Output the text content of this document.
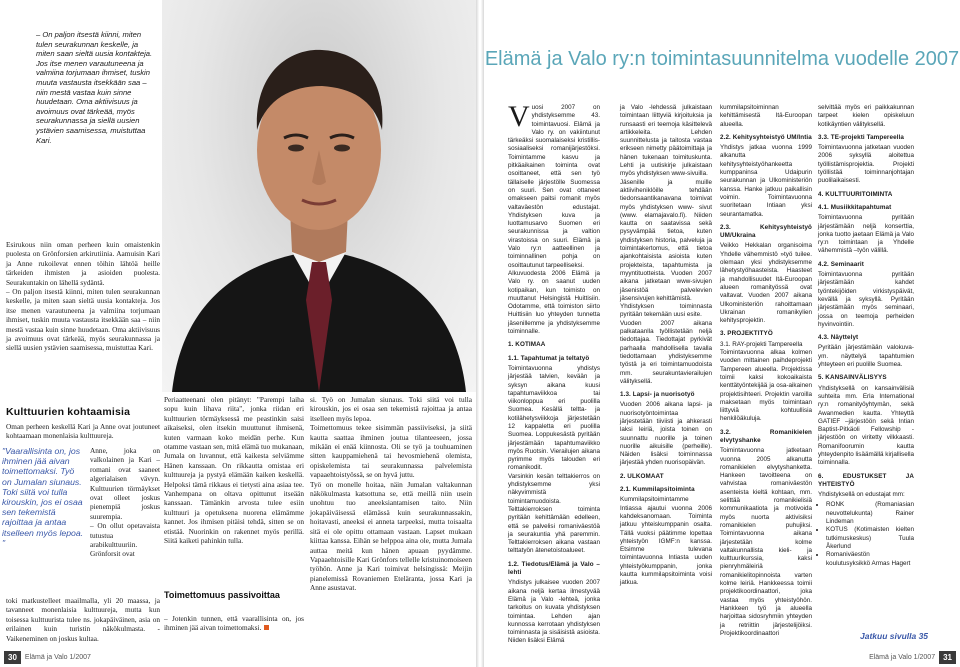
– On paljon itsestä kiinni, miten tulen seurakunnan keskelle, ja miten saan sieltä uusia kontakteja. Jos itse menen varautuneena ja valmiina torjumaan ihmiset, tuskin muuta vastausta itsekkään saa – niin mestä vastaa kuin sinne huudetaan. Oma aktiivisuus ja avoimuus ovat tärkeää, myös seurakunnassa ja siellä uusien ystävien saamisessa, muistuttaa Kari.

Esirukous niin oman perheen kuin omaistenkin puolesta on Grönforsien arkirutiinia. Aamuisin Kari ja Anne rukoilevat ennen töihin lähtöä heille tärkeiden ihmisten ja asioiden puolesta. Seurakuntakin on lähellä sydäntä.

– On paljon itsestä kiinni, miten tulen seurakunnan keskelle, ja miten saan sieltä uusia kontakteja. Jos itse menen varautuneena ja valmiina torjumaan ihmiset, tuskin muuta vastausta itsekkään saa – niin mestä vastaa kuin sinne huudetaan. Oma aktiivisuus ja avoimuus ovat tärkeää, myös seurakunnassa ja siellä uusien ystävien saamisessa, muistuttaa Kari.

Kulttuurien kohtaamisia
Oman perheen keskellä Kari ja Anne ovat joutuneet kohtaamaan monenlaisia kulttuureja.
"Vaarallisinta on, jos ihminen jää aivan toimettomaksi. Työ on Jumalan siunaus. Toki siitä voi tulla kirouskin, jos ei osaa sen tekemistä rajoittaa ja antaa itselleen myös lepoa. "
Anne, joka on valkolainen ja Kari – romani ovat saaneet algerialaisen vävyn. Kulttuurien törmäykset ovat olleet joskus pienempiä joskus suurempia.
– On ollut opetavaista tutustua arabikulttuuriin. Grönforsit ovat
toki matkustelleet maailmalla, yli 20 maassa, ja tavanneet monenlaisia kulttuureja, mutta kun toisessa kulttuurista tulee ns. jokapäiväinen, asia on erilainen kuin turistin näkökulmasta. - Vaikeneminen on joskus kultaa.
Periaatteenani olen pitänyt: "Parempi laiha sopu kuin lihava riita", jonka riidan eri kulttuurien törmäyksessä me peastinkin saisi aikaiseksi, olen itsekin muuttunut ihmisenä, kuten varmaan koko meidän perhe. Kun otamme vastaan sen, mitä elämä tuo mukanaan, Jumala on luvannut, että kaikesta selviämme Hänen kanssaan. On rikkautta omistaa eri kulttuureja ja pystyä elämään kaiken keskellä. Helpoksi tämä rikkaus ei tietysti aina asiaa tee. Vanhempana on oltava opittunut itseään kanssaan. Tämänkin arvosta tulee esiin kulttuuri ja opetuksena nuorena elämämme kannet. Jos ihmisen pitäisi tehdä, sitten se on etistää. Nuorinkin on rakennet myös perillä. Siitä kaiketi pahinkin tulla.
si. Työ on Jumalan siunaus. Toki siitä voi tulla kirouskin, jos ei osaa sen tekemistä rajoittaa ja antaa itselleen myös lepoa.
Toimettomuus tekee sisimmän passiiviseksi, ja siitä kautta saattaa ihminen joutua tilanteeseen, jossa mikään ei enää kiinnosta. Oli se työ ja touhuaminen sitten kauppamiehenä tai hevosmiehenä olemista, opiskelemista tai seurakunnassa palvelemista vapaaehtoistyössä, se on hyvä juttu.
Työ on monelle hoitaa, näin Jumalan valtakunnan näkökulmasta katsottuna se, että meillä niin usein unohtuu tuo aneeksiantamisen taito. Niin jokapäiväisessä elämässä kuin seurakunnassakin, hoitavasti, aneeksi ei anneta tarpeeksi, mutta toisaalta sitä ei ole opittu ottamaan vastaan. Lapset mukaan kiittaa kanssa. Eihän se helppoa aina ole, mutta Jumala auttaa meitä kun hänen apuaan pyydämme. Vapaaehtoisille Kari Grönfors tellelle kristuinomoiseen työhön. Anne ja Kari toimivat helsingissä: Meijin pianelemissä Rovaniemen Eteläranta, jossa Kari ja Anne asustavat.
Toimettomuus passivoittaa
– Jotenkin tunnen, että vaarallisinta on, jos ihminen jää aivan toimettomaksi.
Elämä ja Valo ry:n toimintasuunnitelma vuodelle 2007

Vuosi 2007 on yhdistyksemme 43. toimintavuosi. Elämä ja Valo ry. on vakiintunut tärkeäksi suomalaiseksi kristillis-sosiaaliseksi romanijärjestöksi. Toimintamme kasvu ja pitkäaikainen toiminta ovat osoittaneet, että sen työ tällaiselle järjestölle Suomessa on suuri. Sen ovat ottaneet omakseen paitsi romanit myös valtaväestön edustajat. Yhdistyksen kuva ja luottamusarvo Suomen eri seurakunnissa ja valtion virastoissa on suuri. Elämä ja Valo ry:n aatteellinen ja toiminnallinen pohja on osoittautunut tarpeelliseksi.
Alkuvuodesta 2006 Elämä ja Valo ry. on saanut uuden kotipaikan, kun toimisto on muuttanut Helsingistä Huittisiin. Odotamme, että toimiston siirto Huittisiin luo yhteyden tunnetta jäsenillemme ja yhdistyksemme toiminnalle.

1. KOTIMAA
1.1. Tapahtumat ja teltatyö

Toimintavuonna yhdistys järjestää talvien, kevään ja syksyn aikana kuusi tapahtumaviikkoa tai viikonloppua eri puolilla Suomea. Kesällä teltta- ja kotilähetysviikkoja järjestetään 12 kappaletta eri puolilla Suomea. Loppukesästä pyritään järjestämään tapahtumaviikko myös Ruotsin. Vierailujen aikana pyrimme myös talouden eri romanikodit.
Varsinkin kesän telttakierros on yhdistyksemme yksi näkyvimmistä toimintamuodoista. Telttakierroksen toiminta pyritään kehittämään edelleen, että se palvelisi romaniväestöä ja seurakuntia yhä paremmin. Telttakierroksen aikana vastaan telttatyön ätenetoistoalueet.

1.2. Tiedotus/Elämä ja Valo –lehti

Yhdistys julkaisee vuoden 2007 aikana neljä kertaa ilmestyvää Elämä ja Valo -lehteä, jonka tarkoitus on kuvata yhdistyksen toimintaa. Lehden ajan kunnossa kerrotaan yhdistyksen toiminnasta ja sisäisistä asioista. Niiden lisäksi Elämä

ja Valo -lehdessä julkaistaan toimintaan liittyviä kirjoituksia ja runsaasti eri teemoja käsittelevä artikkeleita. Lehden suunnittelusta ja taitosta vastaa erikseen nimetty päätoimittaja ja hänen tukenaan toimituskunta. Lehti ja uutiskirje julkaistaan myös yhdistyksen www-sivuilla.
Jäsenille ja muille aktiiviheniklöille tehdään tiedonsaantikanavana toimivat myös yhdistyksen www- sivut (www. elamajavalo.fi). Niiden kautta on saatavissa sekä pysyvämpää tietoa, kuten yhdistyksen historia, palveluja ja toimintakertomus, että tietoa ajankohtaisista asioista kuten projekteista, tapahtumista ja myyntituotteista. Vuoden 2007 aikana jatketaan www-sivujen jäsenistöä palvelevien jäsensivujen kehittämistä.
Yhdistyksen toiminnasta pyritään tekemään uusi esite.
Vuoden 2007 aikana palkataanlla työllistetään neljä tiedottajaa. Tiedottajat pyrkivät parhaalla mahdollisella tavalla tiedottamaan yhdistyksemme työstä ja eri toimintamuodoista mm. seurakuntavierailujen välityksellä.

1.3. Lapsi- ja nuorisotyö

Vuoden 2006 aikana lapsi- ja nuorisotyöntoimintaa järjestetään tiiviisti ja ahkerasti laksi leiriä, joista toinen on suunnattu nuorille ja toinen nuorille aikuisille (perheille). Näiden lisäksi toiminnassa järjestää yhden nuorisopäivän.

2. ULKOMAAT
2.1. Kummilapsitoiminta

Kummilapsitoimintamme Intiassa ajautui vuonna 2006 kahdeksanomaan. Toiminta jatkuu yhteiskumppanin osalta. Tällä vuoksi päätimme lopettaa yhteistyön IGMF:n kanssa. Etsimme tulevana toimintavuonna Intiasta uuden yhteistyökumppanin, jonka kautta kummilapsitoiminta voisi jatkua.

kummilapsitoiminnan kehittämisestä Itä-Euroopan alueella.

2.2. Kehitysyhteistyö UM/Intia

Yhdistys jatkaa vuonna 1999 alkanutta kehitysyhteistyöhankeetta kumppaninsa Udaipurin seurakunnan ja Ulkoministeriön kanssa. Hanke jatkuu paikallisin voimin. Toimintavuonna suoritetaan Intiaan yksi seurantamatka.

2.3. Kehitysyhteistyö UM/Ukraina

Veikko Hekkalan organisoima Yhdelle vähemmistö »työ tuilee. olemaan yksi yhdistyksemme lähetystyöhaasteista. Haasteet ja mahdollisuudet Itä-Euroopan alueen romanityössä ovat valtavat. Vuoden 2007 aikana Ulkoministeriön rahoittamaan Ukrainan romanikylien kehitysprojektin.

3. PROJEKTITYÖ

3.1. RAY-projekti Tampereella
Toimintavuonna alkaa kolmen vuoden mittainen paihdeprojekti Tampereen alueella. Projektissa toimii kaksi kokoaikaista kenttätyöntekijää ja osa-aikainen projektisihteeri. Projektin varoilla maksetaan myös toimintaan liittyviä kohtuullisia henkilöäkuluja.

3.2. Romanikielen elvytyshanke

Toimintavuonna jatketaan vuonna 2005 alkanutta romanikielen elvytyshanketta. Hankeen tavoitteena on vahvistaa romaniväestön asenteista kieltä kohtaan, mm. selittää romanikielisiä kommunikaatiota ja motivoida myös nuorta aktivisiksi romanikielen puhujiksi. Toimintavuonna aikana järjestetään kolme valtakunnallista kieli- ja kulttuurikurssia, kaksi pienryhmäleiriä romanikielitopinnoista varten kolme leiriä. Hankkeessa toimii projektikoordinaattori, joka vastaa myös yhteistyöhön. Hankkeen työ ja alueella harjoittaa sidosryhmiin yhteyden ja retriittin järjestelijöiksi. Projektikoordinaattori

selvittää myös eri paikkakunnan tarpeet kielen opiskeluun kotikäyntien välityksellä.

3.3. TE-projekti Tampereella

Toimintavuonna jatketaan vuoden 2006 syksyllä aloitettua työllistämisprojektia. Projekti työllistää toiminnanjohtajan puolilaikaisesti.

4. KULTTUURITOIMINTA
4.1. Musiikkitapahtumat

Toimintavuonna pyritään järjestämään neljä konserttia, jonka tuotto jaetaan Elämä ja Valo ry:n toimintaan ja Yhdelle vähemmistä –työn välillä.

4.2. Seminaarit

Toimintavuonna pyritään järjestämään kahdet työntekijöiden virkistyspäivät, kevällä ja syksyllä. Pyritään järjestämään myös seminaari, jossa on teemoja perheiden hyvinvointiin.

4.3. Näyttelyt

Pyritään järjestämään valokuva- ym. näyttelyä tapahtumien yhteyteen eri puolille Suomea.

5. KANSAINVÄLISYYS

Yhdistyksellä on kansainvälisiä suhteita mm. Erla International ry:n romanityöyhtymän, sekä Awanmedien kautta. Yhteyttä GATIEF –järjestöön sekä Intian Baptist-Pitkäoli Fellowship -järjestöön on viritetty vilkkaasti. Romanifoorumin kautta yhteydenpito lisäämällä kirjallisella toiminnalla.

6. EDUSTUKSET JA YHTEISTYÖ

Yhdistyksellä on edustajat mm:

• RONK (Romaniasian neuvottelukunta) Rainer Lindeman
• KOTUS (Kotimaisten kielten tutkimuskeskus) Tuula Åkerlund
• Romaniväestön koulutusyksikkö Armas Hagert
Jatkuu sivulla 35
30	Elämä ja Valo 1/2007	Elämä ja Valo 1/2007	31
